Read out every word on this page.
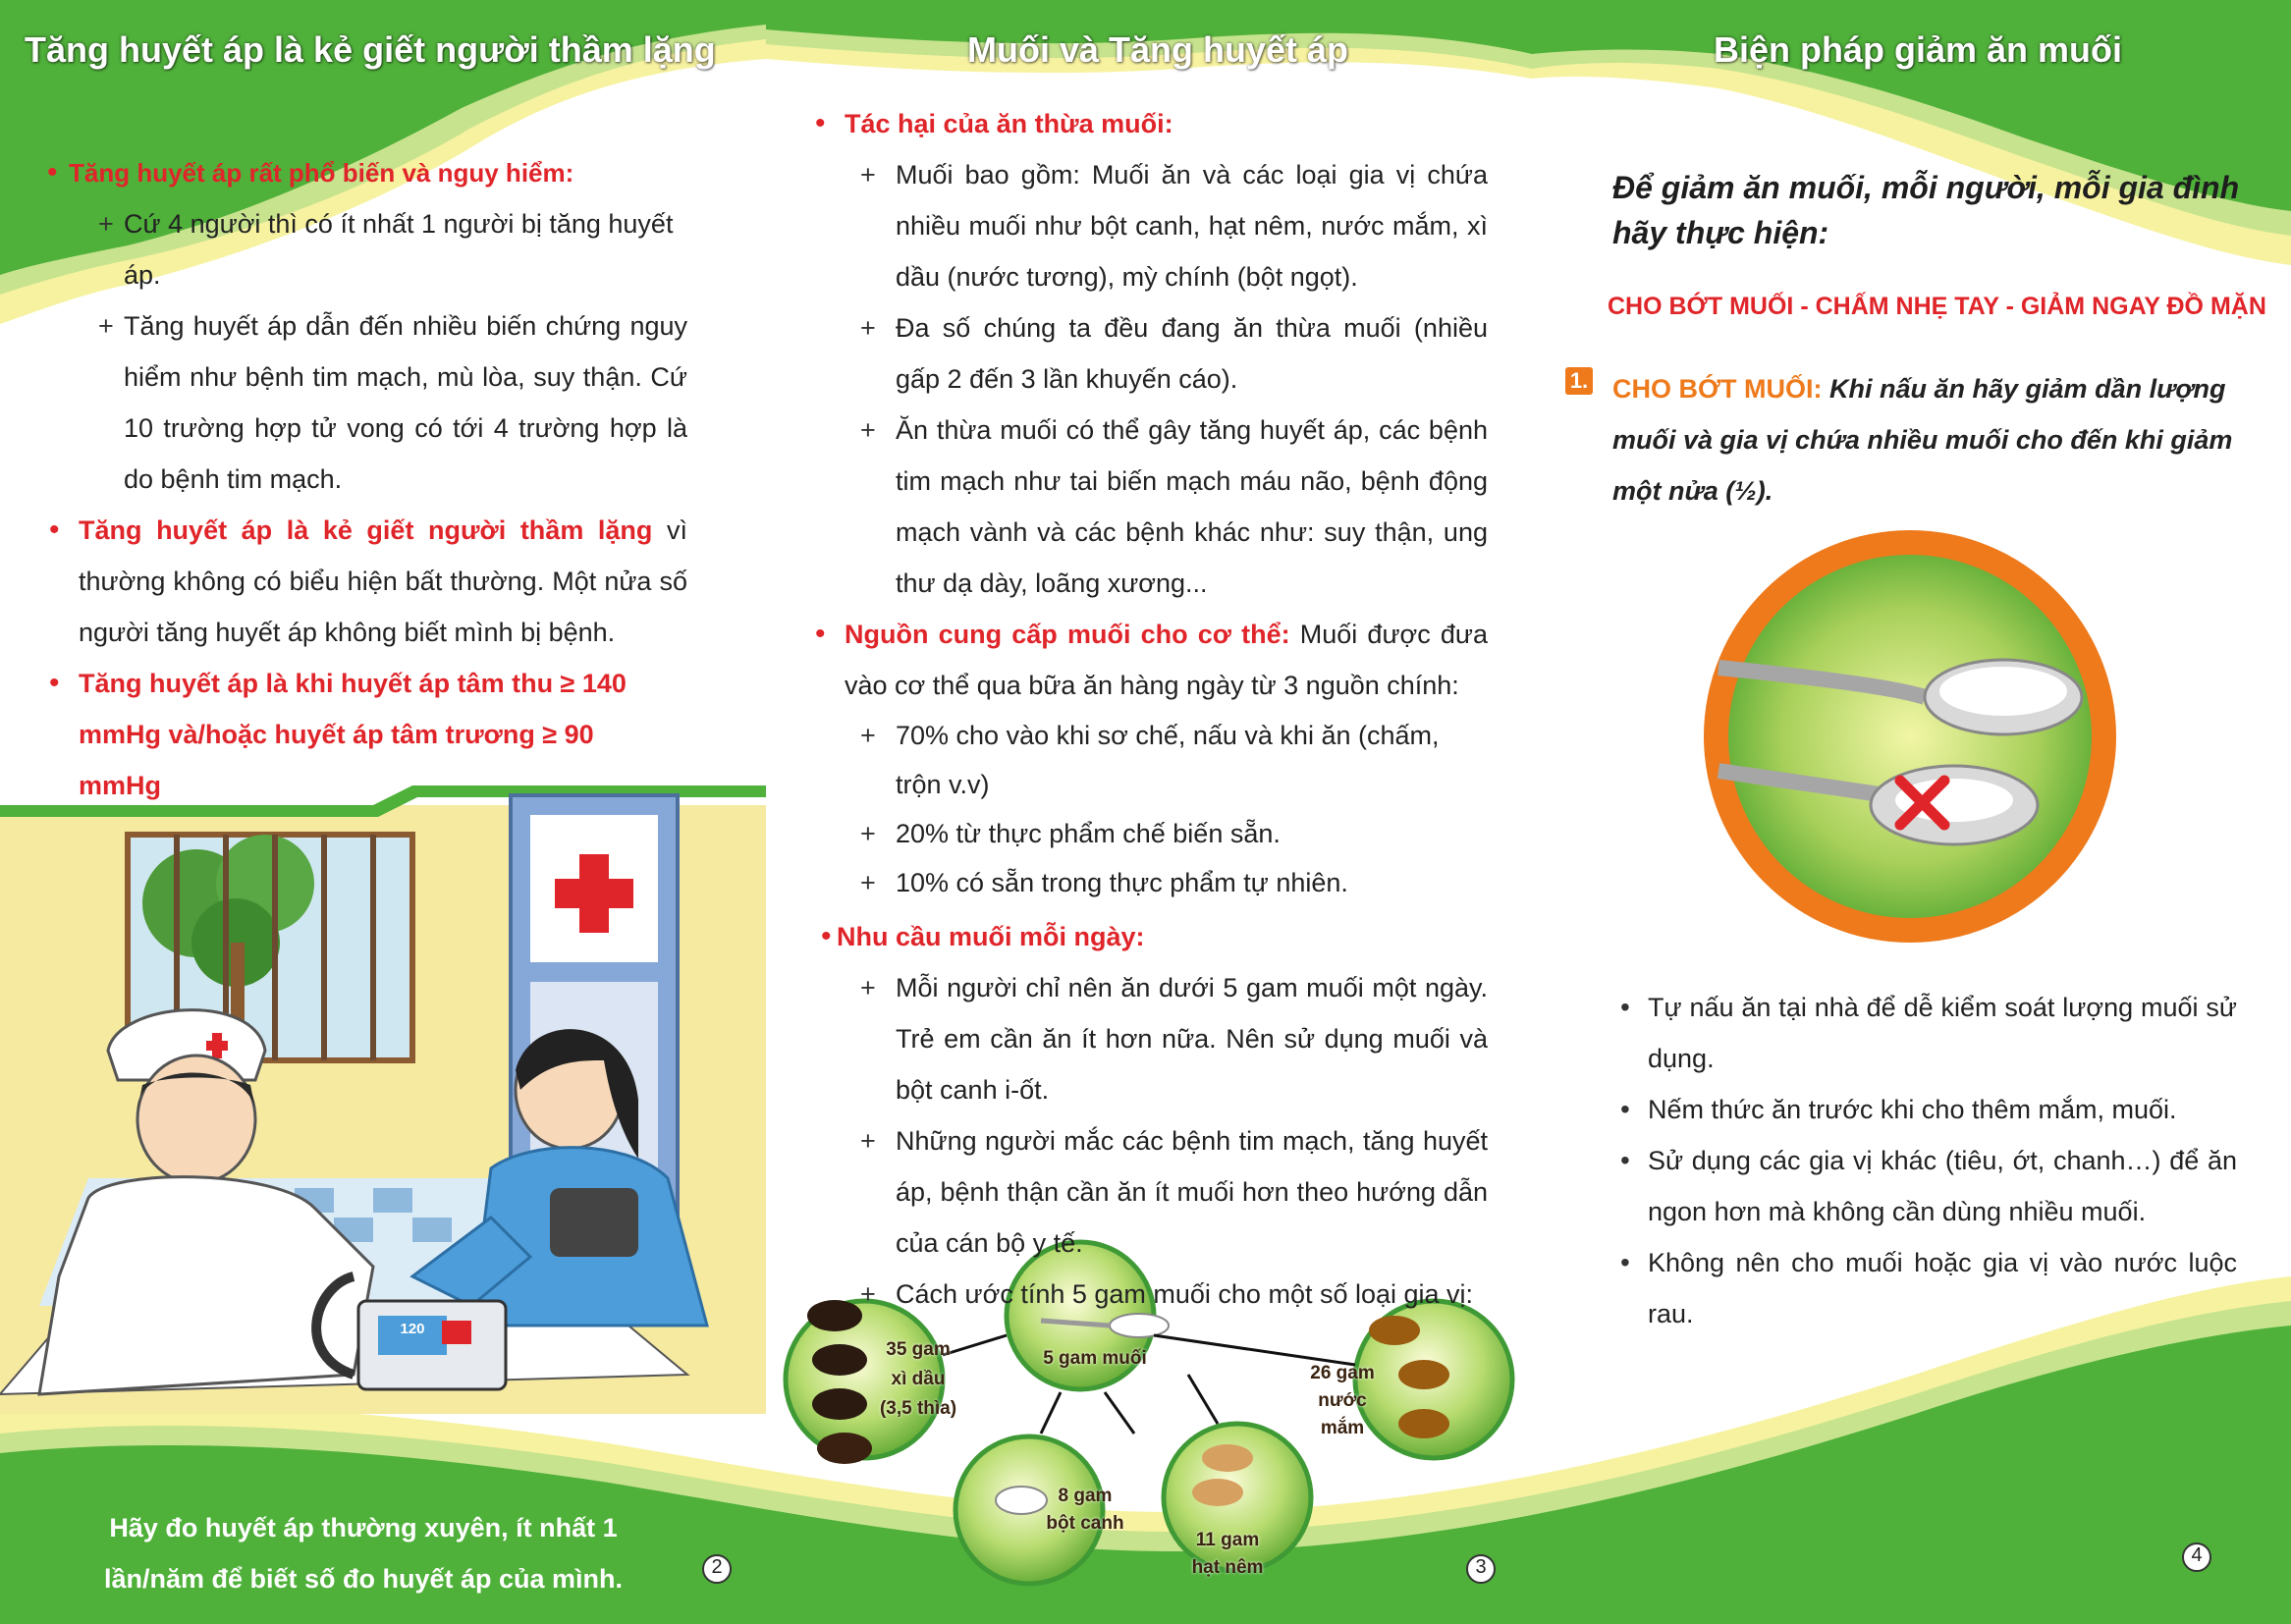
Tăng huyết áp là kẻ giết người thầm lặng
• Tăng huyết áp rất phổ biến và nguy hiểm:
+ Cứ 4 người thì có ít nhất 1 người bị tăng huyết áp.
+ Tăng huyết áp dẫn đến nhiều biến chứng nguy hiểm như bệnh tim mạch, mù lòa, suy thận. Cứ 10 trường hợp tử vong có tới 4 trường hợp là do bệnh tim mạch.
• Tăng huyết áp là kẻ giết người thầm lặng vì thường không có biểu hiện bất thường. Một nửa số người tăng huyết áp không biết mình bị bệnh.
• Tăng huyết áp là khi huyết áp tâm thu ≥ 140 mmHg và/hoặc huyết áp tâm trương ≥ 90 mmHg
Hãy đo huyết áp thường xuyên, ít nhất 1 lần/năm để biết số đo huyết áp của mình.	2
Muối và Tăng huyết áp
• Tác hại của ăn thừa muối:
+ Muối bao gồm: Muối ăn và các loại gia vị chứa nhiều muối như bột canh, hạt nêm, nước mắm, xì dầu (nước tương), mỳ chính (bột ngọt).
+ Đa số chúng ta đều đang ăn thừa muối (nhiều gấp 2 đến 3 lần khuyến cáo).
+ Ăn thừa muối có thể gây tăng huyết áp, các bệnh tim mạch như tai biến mạch máu não, bệnh động mạch vành và các bệnh khác như: suy thận, ung thư dạ dày, loãng xương...
• Nguồn cung cấp muối cho cơ thể: Muối được đưa vào cơ thể qua bữa ăn hàng ngày từ 3 nguồn chính:
+ 70% cho vào khi sơ chế, nấu và khi ăn (chấm, trộn v.v)
+ 20% từ thực phẩm chế biến sẵn.
+ 10% có sẵn trong thực phẩm tự nhiên.
• Nhu cầu muối mỗi ngày:
+ Mỗi người chỉ nên ăn dưới 5 gam muối một ngày. Trẻ em cần ăn ít hơn nữa. Nên sử dụng muối và bột canh i-ốt.
+ Những người mắc các bệnh tim mạch, tăng huyết áp, bệnh thận cần ăn ít muối hơn theo hướng dẫn của cán bộ y tế.
+ Cách ước tính 5 gam muối cho một số loại gia vị:
5 gam muối
35 gam
xì dầu
(3,5 thìa)
26 gam
nước mắm
8 gam
bột canh
11 gam
hạt nêm	3
Biện pháp giảm ăn muối
Để giảm ăn muối, mỗi người, mỗi gia đình hãy thực hiện:
CHO BỚT MUỐI - CHẤM NHẸ TAY - GIẢM NGAY ĐỒ MẶN
1. CHO BỚT MUỐI: Khi nấu ăn hãy giảm dần lượng muối và gia vị chứa nhiều muối cho đến khi giảm một nửa (½).
• Tự nấu ăn tại nhà để dễ kiểm soát lượng muối sử dụng.
• Nếm thức ăn trước khi cho thêm mắm, muối.
• Sử dụng các gia vị khác (tiêu, ớt, chanh…) để ăn ngon hơn mà không cần dùng nhiều muối.
• Không nên cho muối hoặc gia vị vào nước luộc rau.
4
120
